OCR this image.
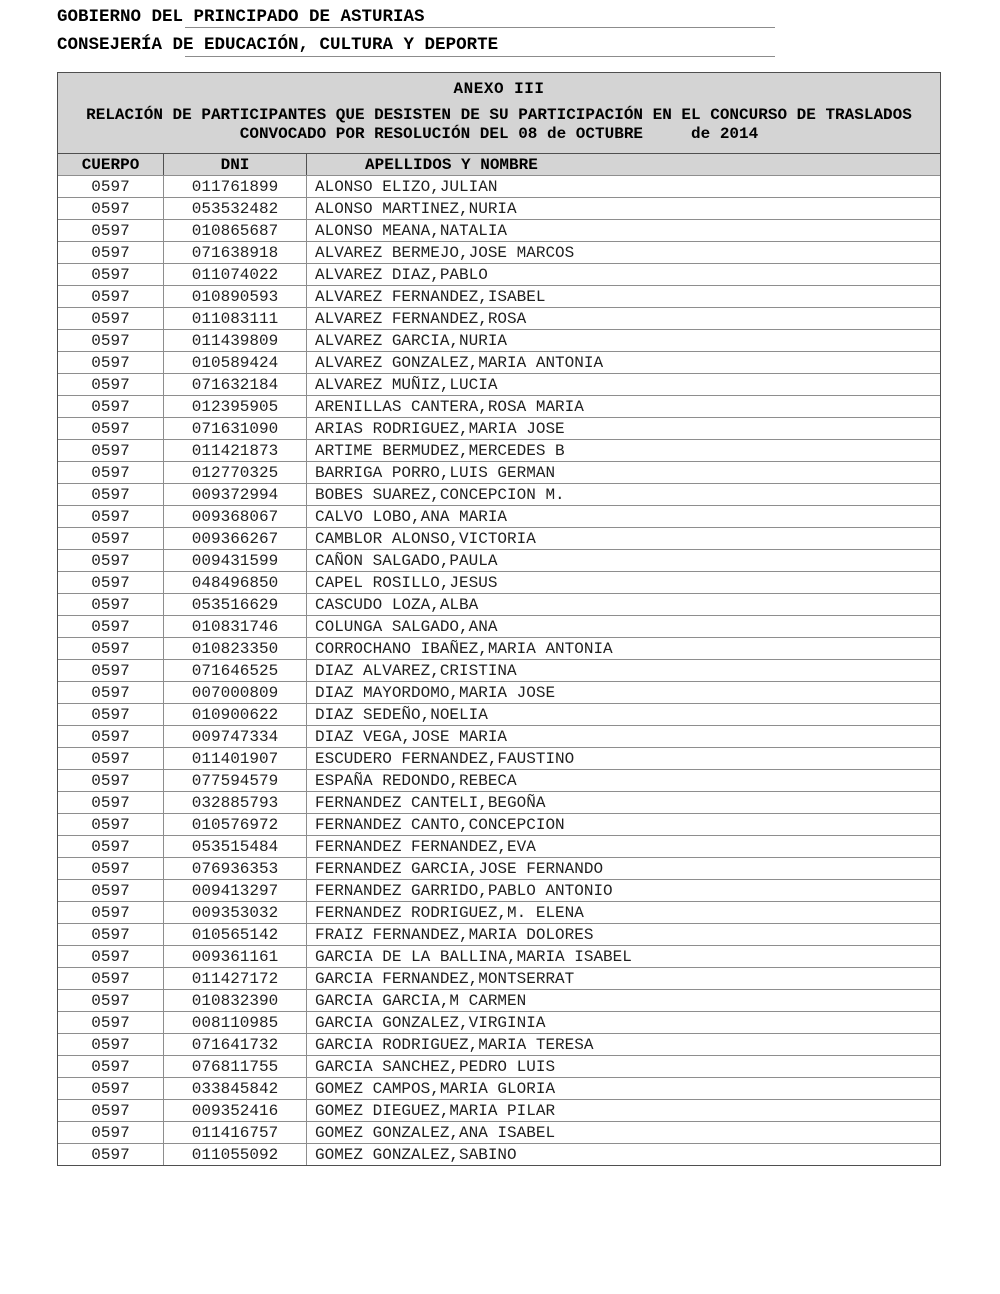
GOBIERNO DEL PRINCIPADO DE ASTURIAS
CONSEJERÍA DE EDUCACIÓN, CULTURA Y DEPORTE
ANEXO III
RELACIÓN DE PARTICIPANTES QUE DESISTEN DE SU PARTICIPACIÓN EN EL CONCURSO DE TRASLADOS
CONVOCADO POR RESOLUCIÓN DEL 08 de OCTUBRE     de 2014
CUERPO	DNI	APELLIDOS Y NOMBRE
0597	011761899	ALONSO ELIZO,JULIAN
0597	053532482	ALONSO MARTINEZ,NURIA
0597	010865687	ALONSO MEANA,NATALIA
0597	071638918	ALVAREZ BERMEJO,JOSE MARCOS
0597	011074022	ALVAREZ DIAZ,PABLO
0597	010890593	ALVAREZ FERNANDEZ,ISABEL
0597	011083111	ALVAREZ FERNANDEZ,ROSA
0597	011439809	ALVAREZ GARCIA,NURIA
0597	010589424	ALVAREZ GONZALEZ,MARIA ANTONIA
0597	071632184	ALVAREZ MUÑIZ,LUCIA
0597	012395905	ARENILLAS CANTERA,ROSA MARIA
0597	071631090	ARIAS RODRIGUEZ,MARIA JOSE
0597	011421873	ARTIME BERMUDEZ,MERCEDES B
0597	012770325	BARRIGA PORRO,LUIS GERMAN
0597	009372994	BOBES SUAREZ,CONCEPCION M.
0597	009368067	CALVO LOBO,ANA MARIA
0597	009366267	CAMBLOR ALONSO,VICTORIA
0597	009431599	CAÑON SALGADO,PAULA
0597	048496850	CAPEL ROSILLO,JESUS
0597	053516629	CASCUDO LOZA,ALBA
0597	010831746	COLUNGA SALGADO,ANA
0597	010823350	CORROCHANO IBAÑEZ,MARIA ANTONIA
0597	071646525	DIAZ ALVAREZ,CRISTINA
0597	007000809	DIAZ MAYORDOMO,MARIA JOSE
0597	010900622	DIAZ SEDEÑO,NOELIA
0597	009747334	DIAZ VEGA,JOSE MARIA
0597	011401907	ESCUDERO FERNANDEZ,FAUSTINO
0597	077594579	ESPAÑA REDONDO,REBECA
0597	032885793	FERNANDEZ CANTELI,BEGOÑA
0597	010576972	FERNANDEZ CANTO,CONCEPCION
0597	053515484	FERNANDEZ FERNANDEZ,EVA
0597	076936353	FERNANDEZ GARCIA,JOSE FERNANDO
0597	009413297	FERNANDEZ GARRIDO,PABLO ANTONIO
0597	009353032	FERNANDEZ RODRIGUEZ,M. ELENA
0597	010565142	FRAIZ FERNANDEZ,MARIA DOLORES
0597	009361161	GARCIA DE LA BALLINA,MARIA ISABEL
0597	011427172	GARCIA FERNANDEZ,MONTSERRAT
0597	010832390	GARCIA GARCIA,M CARMEN
0597	008110985	GARCIA GONZALEZ,VIRGINIA
0597	071641732	GARCIA RODRIGUEZ,MARIA TERESA
0597	076811755	GARCIA SANCHEZ,PEDRO LUIS
0597	033845842	GOMEZ CAMPOS,MARIA GLORIA
0597	009352416	GOMEZ DIEGUEZ,MARIA PILAR
0597	011416757	GOMEZ GONZALEZ,ANA ISABEL
0597	011055092	GOMEZ GONZALEZ,SABINO
